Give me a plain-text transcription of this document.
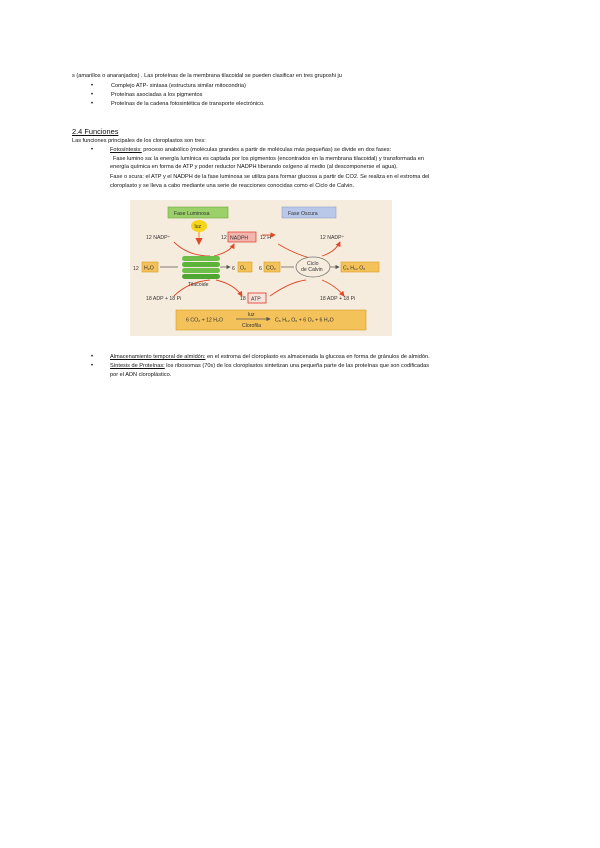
s (amarillos o anaranjados) . Las proteínas de la membrana tilacoidal se pueden clasificar en tres gruposhi ju
•	Complejo ATP- sintasa (estructura similar mitocondria)
•	Proteínas asociadas a los pigmentos
•	Proteínas de la cadena fotosintética de transporte electrónico.
2.4 Funciones
Las funciones principales de los cloroplastos son tres:
•	Fotosíntesis: proceso anabólico (moléculas grandes a partir de moléculas más pequeñas) se divide en dos fases:
Fase lumino sa: la energía lumínica es captada por los pigmentos (encontrados en la membrana tilacoidal) y transformada en
energía química en forma de ATP y poder reductor NADPH liberando oxígeno al medio (al descomponerse el agua).
Fase o scura: el ATP y el NADPH de la fase luminosa se utiliza para formar glucosa a partir de CO2. Se realiza en el estroma del
cloroplasto y se lleva a cabo mediante una serie de reacciones conocidas como el Ciclo de Calvin.
Fase Luminosa	Fase Oscura
luz
12 NADP⁺	12 NADPH 12 H⁺	12 NADP⁺
12 H₂O
Tilacoide
6 O₂ 6 CO₂
Ciclo
de Calvin	C₆ H₁₂ O₆
18 ADP + 18 Pi	18 ATP	18 ADP + 18 Pi
6 CO₂ + 12 H₂O
luz
Clorofila
C₆ H₁₂ O₆ + 6 O₂ + 6 H₂O
•	Almacenamiento temporal de almidón: en el estroma del cloroplasto es almacenada la glucosa en forma de gránulos de almidón.
•	Síntesis de Proteínas: los ribosomas (70s) de los cloroplastos sintetizan una pequeña parte de las proteínas que son codificadas
por el ADN cloroplástico.
